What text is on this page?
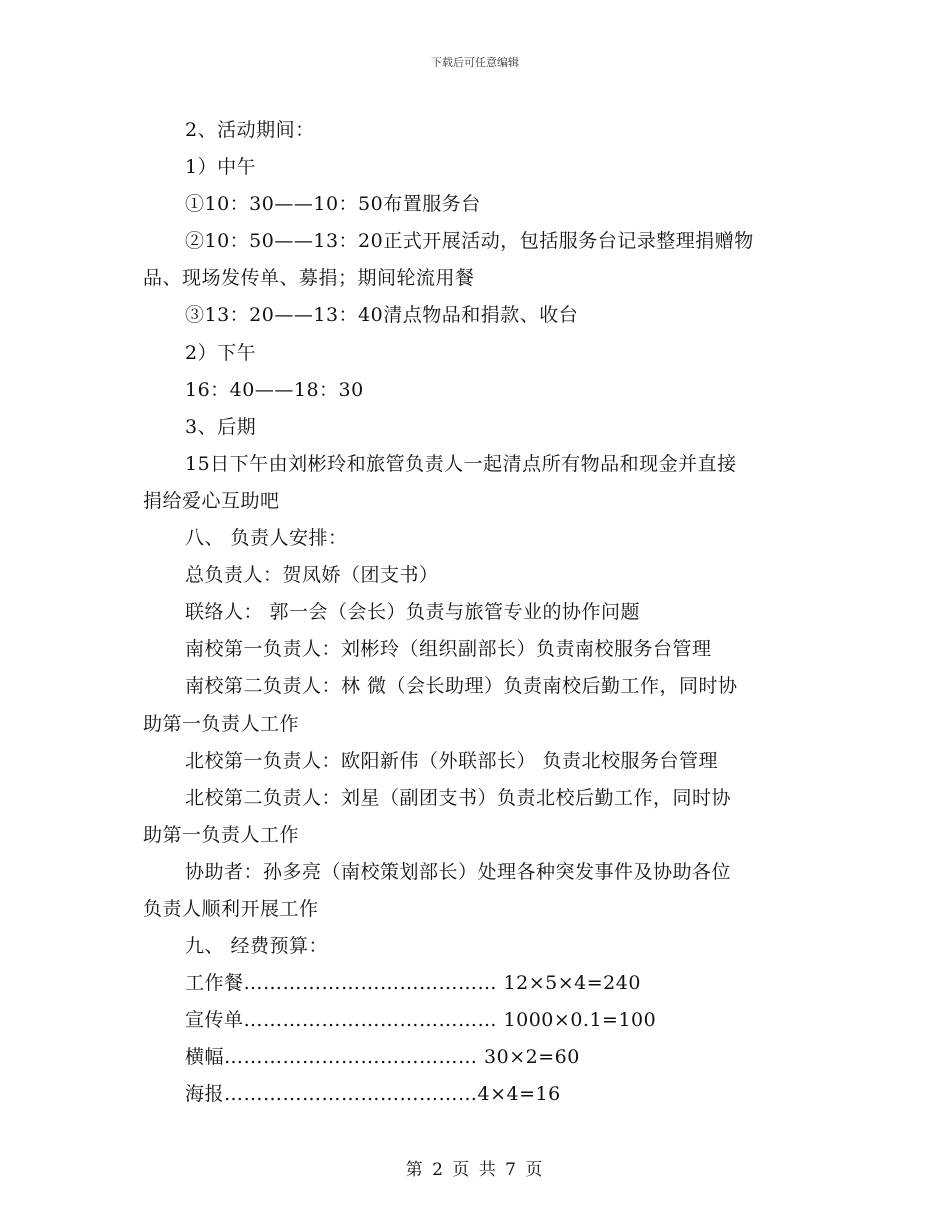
下载后可任意编辑
2、活动期间：
1）中午
①10：30——10：50布置服务台
②10：50——13：20正式开展活动，包括服务台记录整理捐赠物
品、现场发传单、募捐；期间轮流用餐
③13：20——13：40清点物品和捐款、收台
2）下午
16：40——18：30
3、后期
15日下午由刘彬玲和旅管负责人一起清点所有物品和现金并直接
捐给爱心互助吧
八、 负责人安排：
总负责人：贺凤娇（团支书）
联络人： 郭一会（会长）负责与旅管专业的协作问题
南校第一负责人：刘彬玲（组织副部长）负责南校服务台管理
南校第二负责人：林 微（会长助理）负责南校后勤工作，同时协
助第一负责人工作
北校第一负责人：欧阳新伟（外联部长） 负责北校服务台管理
北校第二负责人：刘星（副团支书）负责北校后勤工作，同时协
助第一负责人工作
协助者：孙多亮（南校策划部长）处理各种突发事件及协助各位
负责人顺利开展工作
九、 经费预算：
工作餐………………………………… 12×5×4=240
宣传单………………………………… 1000×0.1=100
横幅………………………………… 30×2=60
海报…………………………………4×4=16
第 2 页 共 7 页
